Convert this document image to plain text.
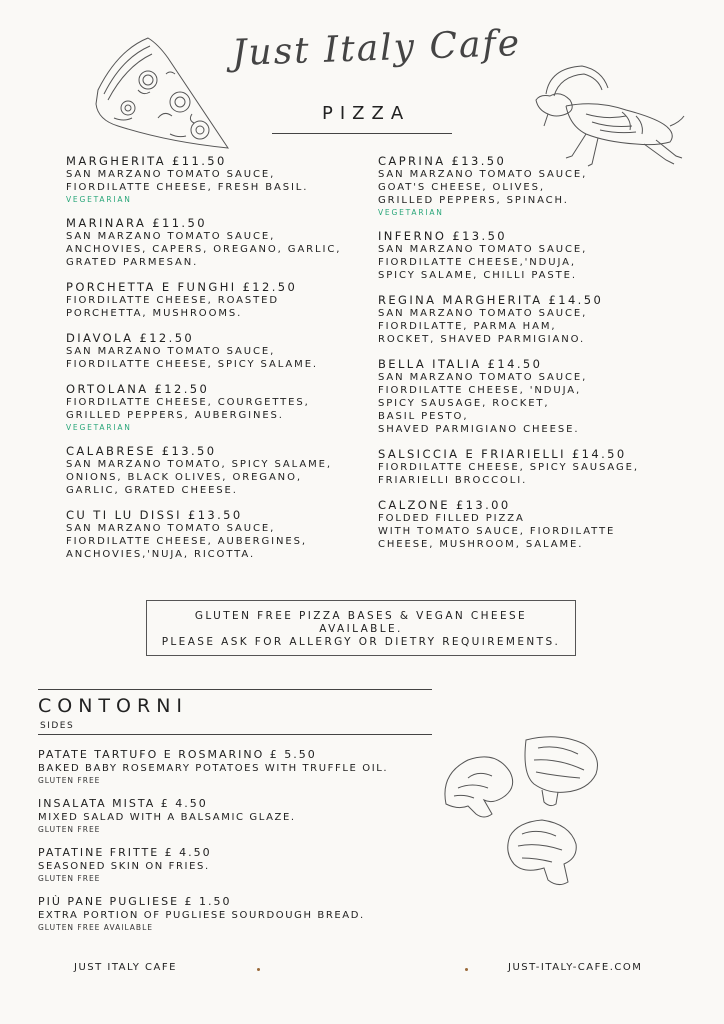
Just Italy Cafe
PIZZA
MARGHERITA £11.50
SAN MARZANO TOMATO SAUCE,
FIORDILATTE CHEESE, FRESH BASIL.
VEGETARIAN
MARINARA £11.50
SAN MARZANO TOMATO SAUCE,
ANCHOVIES, CAPERS, OREGANO, GARLIC,
GRATED PARMESAN.
PORCHETTA E FUNGHI £12.50
FIORDILATTE CHEESE, ROASTED
PORCHETTA, MUSHROOMS.
DIAVOLA £12.50
SAN MARZANO TOMATO SAUCE,
FIORDILATTE CHEESE, SPICY SALAME.
ORTOLANA £12.50
FIORDILATTE CHEESE, COURGETTES,
GRILLED PEPPERS, AUBERGINES.
VEGETARIAN
CALABRESE £13.50
SAN MARZANO TOMATO, SPICY SALAME,
ONIONS, BLACK OLIVES, OREGANO,
GARLIC, GRATED CHEESE.
CU TI LU DISSI £13.50
SAN MARZANO TOMATO SAUCE,
FIORDILATTE CHEESE, AUBERGINES,
ANCHOVIES,'NUJA, RICOTTA.
CAPRINA £13.50
SAN MARZANO TOMATO SAUCE,
GOAT'S CHEESE, OLIVES,
GRILLED PEPPERS, SPINACH.
VEGETARIAN
INFERNO £13.50
SAN MARZANO TOMATO SAUCE,
FIORDILATTE CHEESE,'NDUJA,
SPICY SALAME, CHILLI PASTE.
REGINA MARGHERITA £14.50
SAN MARZANO TOMATO SAUCE,
FIORDILATTE, PARMA HAM,
ROCKET, SHAVED PARMIGIANO.
BELLA ITALIA £14.50
SAN MARZANO TOMATO SAUCE,
FIORDILATTE CHEESE, 'NDUJA,
SPICY SAUSAGE, ROCKET,
BASIL PESTO,
SHAVED PARMIGIANO CHEESE.
SALSICCIA E FRIARIELLI £14.50
FIORDILATTE CHEESE, SPICY SAUSAGE,
FRIARIELLI BROCCOLI.
CALZONE £13.00
FOLDED FILLED PIZZA
WITH TOMATO SAUCE, FIORDILATTE
CHEESE, MUSHROOM, SALAME.
GLUTEN FREE PIZZA BASES & VEGAN CHEESE
AVAILABLE.
PLEASE ASK FOR ALLERGY OR DIETRY REQUIREMENTS.
CONTORNI
SIDES
PATATE TARTUFO E ROSMARINO £ 5.50
BAKED BABY ROSEMARY POTATOES WITH TRUFFLE OIL.
GLUTEN FREE
INSALATA MISTA £ 4.50
MIXED SALAD WITH A BALSAMIC GLAZE.
GLUTEN FREE
PATATINE FRITTE £ 4.50
SEASONED SKIN ON FRIES.
GLUTEN FREE
PIÙ PANE PUGLIESE £ 1.50
EXTRA PORTION OF PUGLIESE SOURDOUGH BREAD.
GLUTEN FREE AVAILABLE
JUST ITALY CAFE	JUST-ITALY-CAFE.COM
